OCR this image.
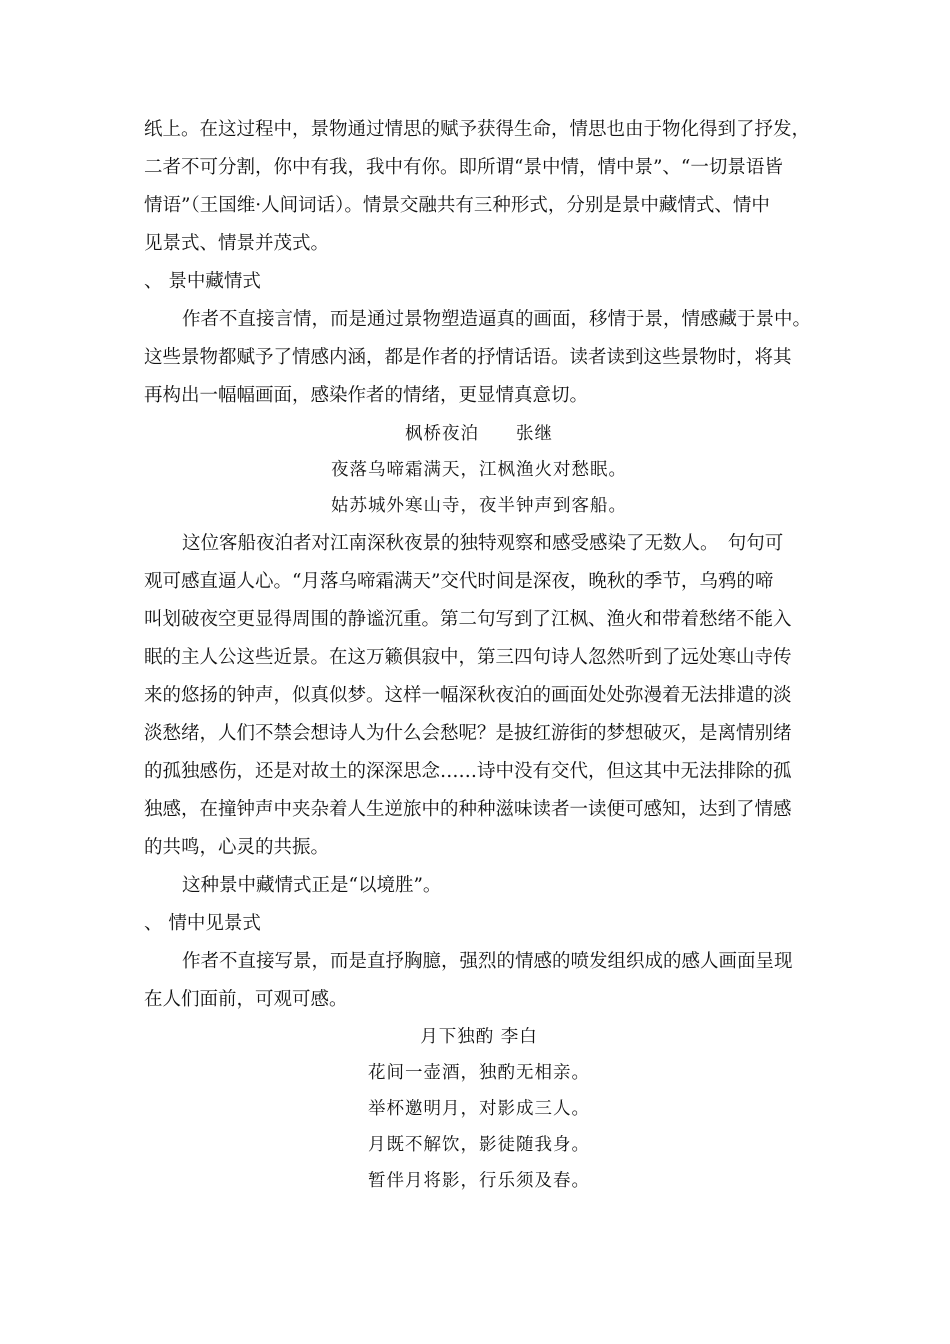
纸上。在这过程中，景物通过情思的赋予获得生命，情思也由于物化得到了抒发，
二者不可分割，你中有我，我中有你。即所谓“景中情，情中景”、“一切景语皆
情语”（王国维·人间词话）。情景交融共有三种形式，分别是景中藏情式、情中
见景式、情景并茂式。
、 景中藏情式
作者不直接言情，而是通过景物塑造逼真的画面，移情于景，情感藏于景中。
这些景物都赋予了情感内涵，都是作者的抒情话语。读者读到这些景物时，将其
再构出一幅幅画面，感染作者的情绪，更显情真意切。
枫桥夜泊　　张继
夜落乌啼霜满天，江枫渔火对愁眠。
姑苏城外寒山寺，夜半钟声到客船。
这位客船夜泊者对江南深秋夜景的独特观察和感受感染了无数人。　句句可
观可感直逼人心。“月落乌啼霜满天”交代时间是深夜，晚秋的季节，乌鸦的啼
叫划破夜空更显得周围的静谧沉重。第二句写到了江枫、渔火和带着愁绪不能入
眠的主人公这些近景。在这万籁俱寂中，第三四句诗人忽然听到了远处寒山寺传
来的悠扬的钟声，似真似梦。这样一幅深秋夜泊的画面处处弥漫着无法排遣的淡
淡愁绪，人们不禁会想诗人为什么会愁呢？是披红游街的梦想破灭，是离情别绪
的孤独感伤，还是对故土的深深思念……诗中没有交代，但这其中无法排除的孤
独感，在撞钟声中夹杂着人生逆旅中的种种滋味读者一读便可感知，达到了情感
的共鸣，心灵的共振。
这种景中藏情式正是“以境胜”。
、 情中见景式
作者不直接写景，而是直抒胸臆，强烈的情感的喷发组织成的感人画面呈现
在人们面前，可观可感。
月下独酌 李白
花间一壶酒，独酌无相亲。
举杯邀明月，对影成三人。
月既不解饮，影徒随我身。
暂伴月将影，行乐须及春。
